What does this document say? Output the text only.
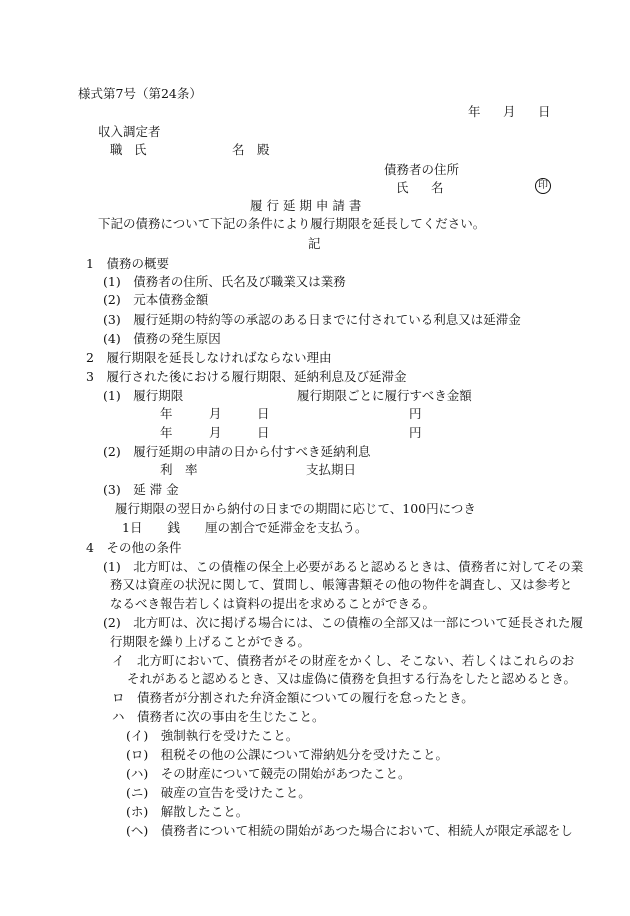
様式第7号（第24条）
年 月 日
収入調定者
職 氏	名 殿
債務者の住所
氏 名	印
履 行 延 期 申 請 書
下記の債務について下記の条件により履行期限を延長してください。
記
1　債務の概要
(1)　債務者の住所、氏名及び職業又は業務
(2)　元本債務金額
(3)　履行延期の特約等の承認のある日までに付されている利息又は延滞金
(4)　債務の発生原因
2　履行期限を延長しなければならない理由
3　履行された後における履行期限、延納利息及び延滞金
(1)　履行期限	履行期限ごとに履行すべき金額
年	月	日	円
年	月	日	円
(2)　履行延期の申請の日から付すべき延納利息
利　率	支払期日
(3)　延 滞 金
履行期限の翌日から納付の日までの期間に応じて、100円につき
1日　　銭　　厘の割合で延滞金を支払う。
4　その他の条件
(1)　北方町は、この債権の保全上必要があると認めるときは、債務者に対してその業
務又は資産の状況に関して、質問し、帳簿書類その他の物件を調査し、又は参考と
なるべき報告若しくは資料の提出を求めることができる。
(2)　北方町は、次に掲げる場合には、この債権の全部又は一部について延長された履
行期限を繰り上げることができる。
イ　北方町において、債務者がその財産をかくし、そこない、若しくはこれらのお
それがあると認めるとき、又は虚偽に債務を負担する行為をしたと認めるとき。
ロ　債務者が分割された弁済金額についての履行を怠ったとき。
ハ　債務者に次の事由を生じたこと。
(イ)　強制執行を受けたこと。
(ロ)　租税その他の公課について滞納処分を受けたこと。
(ハ)　その財産について競売の開始があつたこと。
(ニ)　破産の宣告を受けたこと。
(ホ)　解散したこと。
(ヘ)　債務者について相続の開始があつた場合において、相続人が限定承認をし
